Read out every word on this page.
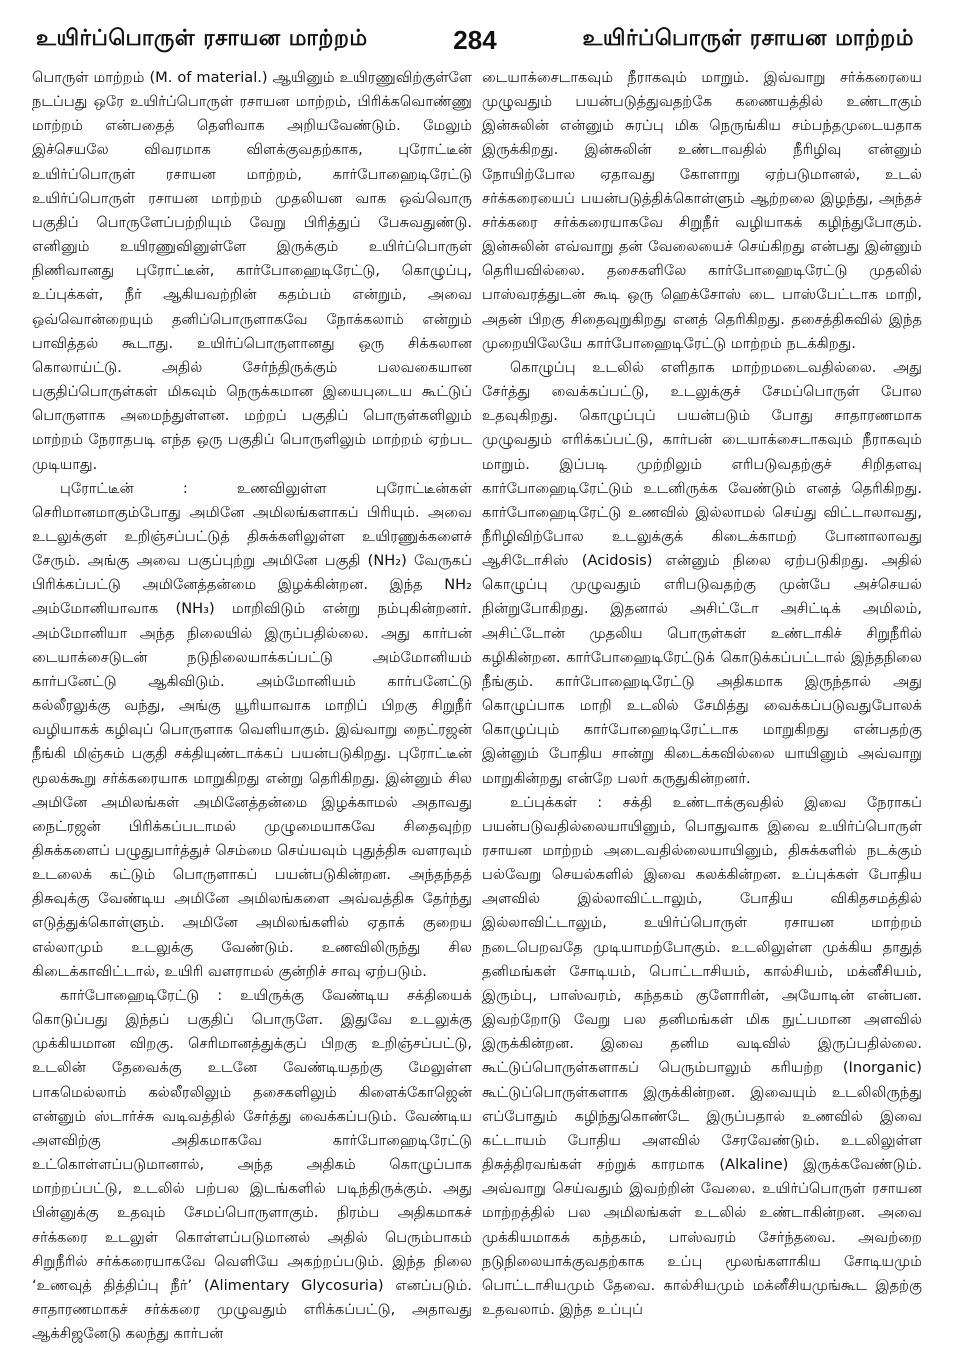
உயிர்ப்பொருள் ரசாயன மாற்றம்	284	உயிர்ப்பொருள் ரசாயன மாற்றம்

பொருள் மாற்றம் (M. of material.) ஆயினும் உயிரணுவிற்குள்ளே நடப்பது ஒரே உயிர்ப்பொருள் ரசாயன மாற்றம், பிரிக்கவொண்ணு மாற்றம் என்பதைத் தெளிவாக அறியவேண்டும். மேலும் இச்செயலே விவரமாக விளக்குவதற்காக, புரோட்டீன் உயிர்ப்பொருள் ரசாயன மாற்றம், கார்போஹைடிரேட்டு உயிர்ப்பொருள் ரசாயன மாற்றம் முதலியன வாக ஒவ்வொரு பகுதிப் பொருளேப்பற்றியும் வேறு பிரித்துப் பேசுவதுண்டு. எனினும் உயிரணுவினுள்ளே இருக்கும் உயிர்ப்பொருள் நிணிவானது புரோட்டீன், கார்போஹைடிரேட்டு, கொழுப்பு, உப்புக்கள், நீர் ஆகியவற்றின் கதம்பம் என்றும், அவை ஒவ்வொன்றையும் தனிப்பொருளாகவே நோக்கலாம் என்றும் பாவித்தல் கூடாது. உயிர்ப்பொருளானது ஒரு சிக்கலான கொலாய்ட்டு. அதில் சேர்ந்திருக்கும் பலவகையான பகுதிப்பொருள்கள் மிகவும் நெருக்கமான இயைபுடைய கூட்டுப் பொருளாக அமைந்துள்ளன. மற்றப் பகுதிப் பொருள்களிலும் மாற்றம் நேராதபடி எந்த ஒரு பகுதிப் பொருளிலும் மாற்றம் ஏற்பட முடியாது.

புரோட்டீன் : உணவிலுள்ள புரோட்டீன்கள் செரிமானமாகும்போது அமினே அமிலங்களாகப் பிரியும். அவை உடலுக்குள் உறிஞ்சப்பட்டுத் திசுக்களிலுள்ள உயிரணுக்களைச் சேரும். அங்கு அவை பகுப்புற்று அமினே பகுதி (NH₂) வேருகப் பிரிக்கப்பட்டு அமினேத்தன்மை இழக்கின்றன. இந்த NH₂ அம்மோனியாவாக (NH₃) மாறிவிடும் என்று நம்புகின்றனர். அம்மோனியா அந்த நிலையில் இருப்பதில்லை. அது கார்பன் டையாக்சைடுடன் நடுநிலையாக்கப்பட்டு அம்மோனியம் கார்பனேட்டு ஆகிவிடும். அம்மோனியம் கார்பனேட்டு கல்லீரலுக்கு வந்து, அங்கு யூரியாவாக மாறிப் பிறகு சிறுநீர் வழியாகக் கழிவுப் பொருளாக வெளியாகும். இவ்வாறு நைட்ரஜன் நீங்கி மிஞ்சும் பகுதி சக்தியுண்டாக்கப் பயன்படுகிறது. புரோட்டீன் மூலக்கூறு சர்க்கரையாக மாறுகிறது என்று தெரிகிறது. இன்னும் சில அமினே அமிலங்கள் அமினேத்தன்மை இழக்காமல் அதாவது நைட்ரஜன் பிரிக்கப்படாமல் முழுமையாகவே சிதைவுற்ற திசுக்களைப் பழுதுபார்த்துச் செம்மை செய்யவும் புதுத்திசு வளரவும் உடலைக் கட்டும் பொருளாகப் பயன்படுகின்றன. அந்தந்தத் திசுவுக்கு வேண்டிய அமினே அமிலங்களை அவ்வத்திசு தேர்ந்து எடுத்துக்கொள்ளும். அமினே அமிலங்களில் ஏதாக் குறைய எல்லாமும் உடலுக்கு வேண்டும். உணவிலிருந்து சில கிடைக்காவிட்டால், உயிரி வளராமல் குன்றிச் சாவு ஏற்படும்.

கார்போஹைடிரேட்டு : உயிருக்கு வேண்டிய சக்தியைக் கொடுப்பது இந்தப் பகுதிப் பொருளே. இதுவே உடலுக்கு முக்கியமான விறகு. செரிமானத்துக்குப் பிறகு உறிஞ்சப்பட்டு, உடலின் தேவைக்கு உடனே வேண்டியதற்கு மேலுள்ள பாகமெல்லாம் கல்லீரலிலும் தசைகளிலும் கிளைக்கோஜென் என்னும் ஸ்டார்ச்சு வடிவத்தில் சேர்த்து வைக்கப்படும். வேண்டிய அளவிற்கு அதிகமாகவே கார்போஹைடிரேட்டு உட்கொள்ளப்படுமானால், அந்த அதிகம் கொழுப்பாக மாற்றப்பட்டு, உடலில் பற்பல இடங்களில் படிந்திருக்கும். அது பின்னுக்கு உதவும் சேமப்பொருளாகும். நிரம்ப அதிகமாகச் சர்க்கரை உடலுள் கொள்ளப்படுமானல் அதில் பெரும்பாகம் சிறுநீரில் சர்க்கரையாகவே வெளியே அகற்றப்படும். இந்த நிலை ‘உணவுத் தித்திப்பு நீர்’ (Alimentary Glycosuria) எனப்படும். சாதாரணமாகச் சர்க்கரை முழுவதும் எரிக்கப்பட்டு, அதாவது ஆக்சிஜனேடு கலந்து கார்பன்

டையாக்சைடாகவும் நீராகவும் மாறும். இவ்வாறு சர்க்கரையை முழுவதும் பயன்படுத்துவதற்கே கணையத்தில் உண்டாகும் இன்சுலின் என்னும் சுரப்பு மிக நெருங்கிய சம்பந்தமுடையதாக இருக்கிறது. இன்சுலின் உண்டாவதில் நீரிழிவு என்னும் நோயிற்போல ஏதாவது கோளாறு ஏற்படுமானல், உடல் சர்க்கரையைப் பயன்படுத்திக்கொள்ளும் ஆற்றலை இழந்து, அந்தச் சர்க்கரை சர்க்கரையாகவே சிறுநீர் வழியாகக் கழிந்துபோகும். இன்சுலின் எவ்வாறு தன் வேலையைச் செய்கிறது என்பது இன்னும் தெரியவில்லை. தசைகளிலே கார்போஹைடிரேட்டு முதலில் பாஸ்வரத்துடன் கூடி ஒரு ஹெக்சோஸ் டை பாஸ்பேட்டாக மாறி, அதன் பிறகு சிதைவுறுகிறது எனத் தெரிகிறது. தசைத்திசுவில் இந்த முறையிலேயே கார்போஹைடிரேட்டு மாற்றம் நடக்கிறது.

கொழுப்பு உடலில் எளிதாக மாற்றமடைவதில்லை. அது சேர்த்து வைக்கப்பட்டு, உடலுக்குச் சேமப்பொருள் போல உதவுகிறது. கொழுப்புப் பயன்படும் போது சாதாரணமாக முழுவதும் எரிக்கப்பட்டு, கார்பன் டையாக்சைடாகவும் நீராகவும் மாறும். இப்படி முற்றிலும் எரிபடுவதற்குச் சிறிதளவு கார்போஹைடிரேட்டும் உடனிருக்க வேண்டும் எனத் தெரிகிறது. கார்போஹைடிரேட்டு உணவில் இல்லாமல் செய்து விட்டாலாவது, நீரிழிவிற்போல உடலுக்குக் கிடைக்காமற் போனாலாவது ஆசிடோசிஸ் (Acidosis) என்னும் நிலை ஏற்படுகிறது. அதில் கொழுப்பு முழுவதும் எரிபடுவதற்கு முன்பே அச்செயல் நின்றுபோகிறது. இதனால் அசிட்டோ அசிட்டிக் அமிலம், அசிட்டோன் முதலிய பொருள்கள் உண்டாகிச் சிறுநீரில் கழிகின்றன. கார்போஹைடிரேட்டுக் கொடுக்கப்பட்டால் இந்தநிலை நீங்கும். கார்போஹைடிரேட்டு அதிகமாக இருந்தால் அது கொழுப்பாக மாறி உடலில் சேமித்து வைக்கப்படுவதுபோலக் கொழுப்பும் கார்போஹைடிரேட்டாக மாறுகிறது என்பதற்கு இன்னும் போதிய சான்று கிடைக்கவில்லை யாயினும் அவ்வாறு மாறுகின்றது என்றே பலர் கருதுகின்றனர்.

உப்புக்கள் : சக்தி உண்டாக்குவதில் இவை நேராகப் பயன்படுவதில்லையாயினும், பொதுவாக இவை உயிர்ப்பொருள் ரசாயன மாற்றம் அடைவதில்லையாயினும், திசுக்களில் நடக்கும் பல்வேறு செயல்களில் இவை கலக்கின்றன. உப்புக்கள் போதிய அளவில் இல்லாவிட்டாலும், போதிய விகிதசமத்தில் இல்லாவிட்டாலும், உயிர்ப்பொருள் ரசாயன மாற்றம் நடைபெறவதே முடியாமற்போகும். உடலிலுள்ள முக்கிய தாதுத் தனிமங்கள் சோடியம், பொட்டாசியம், கால்சியம், மக்னீசியம், இரும்பு, பாஸ்வரம், கந்தகம் குளோரின், அயோடின் என்பன. இவற்றோடு வேறு பல தனிமங்கள் மிக நுட்பமான அளவில் இருக்கின்றன. இவை தனிம வடிவில் இருப்பதில்லை. கூட்டுப்பொருள்களாகப் பெரும்பாலும் கரியற்ற (Inorganic) கூட்டுப்பொருள்களாக இருக்கின்றன. இவையும் உடலிலிருந்து எப்போதும் கழிந்துகொண்டே இருப்பதால் உணவில் இவை கட்டாயம் போதிய அளவில் சேரவேண்டும். உடலிலுள்ள திசுத்திரவங்கள் சற்றுக் காரமாக (Alkaline) இருக்கவேண்டும். அவ்வாறு செய்வதும் இவற்றின் வேலை. உயிர்ப்பொருள் ரசாயன மாற்றத்தில் பல அமிலங்கள் உடலில் உண்டாகின்றன. அவை முக்கியமாகக் கந்தகம், பாஸ்வரம் சேர்ந்தவை. அவற்றை நடுநிலையாக்குவதற்காக உப்பு மூலங்களாகிய சோடியமும் பொட்டாசியமும் தேவை. கால்சியமும் மக்னீசியமுங்கூட இதற்கு உதவலாம். இந்த உப்புப்
